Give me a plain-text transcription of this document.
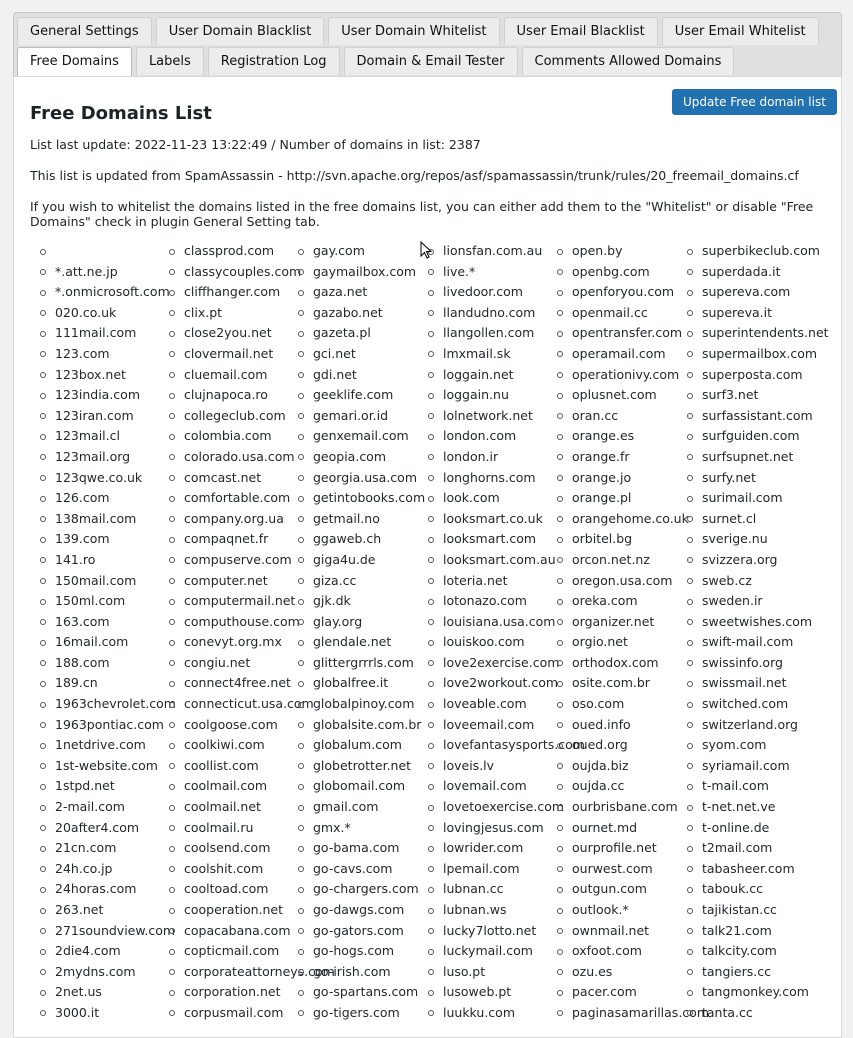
General Settings	User Domain Blacklist	User Domain Whitelist	User Email Blacklist	User Email Whitelist
Free Domains	Labels	Registration Log	Domain & Email Tester	Comments Allowed Domains
Free Domains List
Update Free domain list

List last update: 2022-11-23 13:22:49 / Number of domains in list: 2387

This list is updated from SpamAssassin - http://svn.apache.org/repos/asf/spamassassin/trunk/rules/20_freemail_domains.cf

If you wish to whitelist the domains listed in the free domains list, you can either add them to the "Whitelist" or disable "Free Domains" check in plugin General Setting tab.

*.att.ne.jp
*.onmicrosoft.com
020.co.uk
111mail.com
123.com
123box.net
123india.com
123iran.com
123mail.cl
123mail.org
123qwe.co.uk
126.com
138mail.com
139.com
141.ro
150mail.com
150ml.com
163.com
16mail.com
188.com
189.cn
1963chevrolet.com
1963pontiac.com
1netdrive.com
1st-website.com
1stpd.net
2-mail.com
20after4.com
21cn.com
24h.co.jp
24horas.com
263.net
271soundview.com
2die4.com
2mydns.com
2net.us
3000.it
classprod.com
classycouples.com
cliffhanger.com
clix.pt
close2you.net
clovermail.net
cluemail.com
clujnapoca.ro
collegeclub.com
colombia.com
colorado.usa.com
comcast.net
comfortable.com
company.org.ua
compaqnet.fr
compuserve.com
computer.net
computermail.net
computhouse.com
conevyt.org.mx
congiu.net
connect4free.net
connecticut.usa.com
coolgoose.com
coolkiwi.com
coollist.com
coolmail.com
coolmail.net
coolmail.ru
coolsend.com
coolshit.com
cooltoad.com
cooperation.net
copacabana.com
copticmail.com
corporateattorneys.com
corporation.net
corpusmail.com
gay.com
gaymailbox.com
gaza.net
gazabo.net
gazeta.pl
gci.net
gdi.net
geeklife.com
gemari.or.id
genxemail.com
geopia.com
georgia.usa.com
getintobooks.com
getmail.no
ggaweb.ch
giga4u.de
giza.cc
gjk.dk
glay.org
glendale.net
glittergrrrls.com
globalfree.it
globalpinoy.com
globalsite.com.br
globalum.com
globetrotter.net
globomail.com
gmail.com
gmx.*
go-bama.com
go-cavs.com
go-chargers.com
go-dawgs.com
go-gators.com
go-hogs.com
go-irish.com
go-spartans.com
go-tigers.com
lionsfan.com.au
live.*
livedoor.com
llandudno.com
llangollen.com
lmxmail.sk
loggain.net
loggain.nu
lolnetwork.net
london.com
london.ir
longhorns.com
look.com
looksmart.co.uk
looksmart.com
looksmart.com.au
loteria.net
lotonazo.com
louisiana.usa.com
louiskoo.com
love2exercise.com
love2workout.com
loveable.com
loveemail.com
lovefantasysports.com
loveis.lv
lovemail.com
lovetoexercise.com
lovingjesus.com
lowrider.com
lpemail.com
lubnan.cc
lubnan.ws
lucky7lotto.net
luckymail.com
luso.pt
lusoweb.pt
luukku.com
open.by
openbg.com
openforyou.com
openmail.cc
opentransfer.com
operamail.com
operationivy.com
oplusnet.com
oran.cc
orange.es
orange.fr
orange.jo
orange.pl
orangehome.co.uk
orbitel.bg
orcon.net.nz
oregon.usa.com
oreka.com
organizer.net
orgio.net
orthodox.com
osite.com.br
oso.com
oued.info
oued.org
oujda.biz
oujda.cc
ourbrisbane.com
ournet.md
ourprofile.net
ourwest.com
outgun.com
outlook.*
ownmail.net
oxfoot.com
ozu.es
pacer.com
paginasamarillas.com
superbikeclub.com
superdada.it
supereva.com
supereva.it
superintendents.net
supermailbox.com
superposta.com
surf3.net
surfassistant.com
surfguiden.com
surfsupnet.net
surfy.net
surimail.com
surnet.cl
sverige.nu
svizzera.org
sweb.cz
sweden.ir
sweetwishes.com
swift-mail.com
swissinfo.org
swissmail.net
switched.com
switzerland.org
syom.com
syriamail.com
t-mail.com
t-net.net.ve
t-online.de
t2mail.com
tabasheer.com
tabouk.cc
tajikistan.cc
talk21.com
talkcity.com
tangiers.cc
tangmonkey.com
tanta.cc
